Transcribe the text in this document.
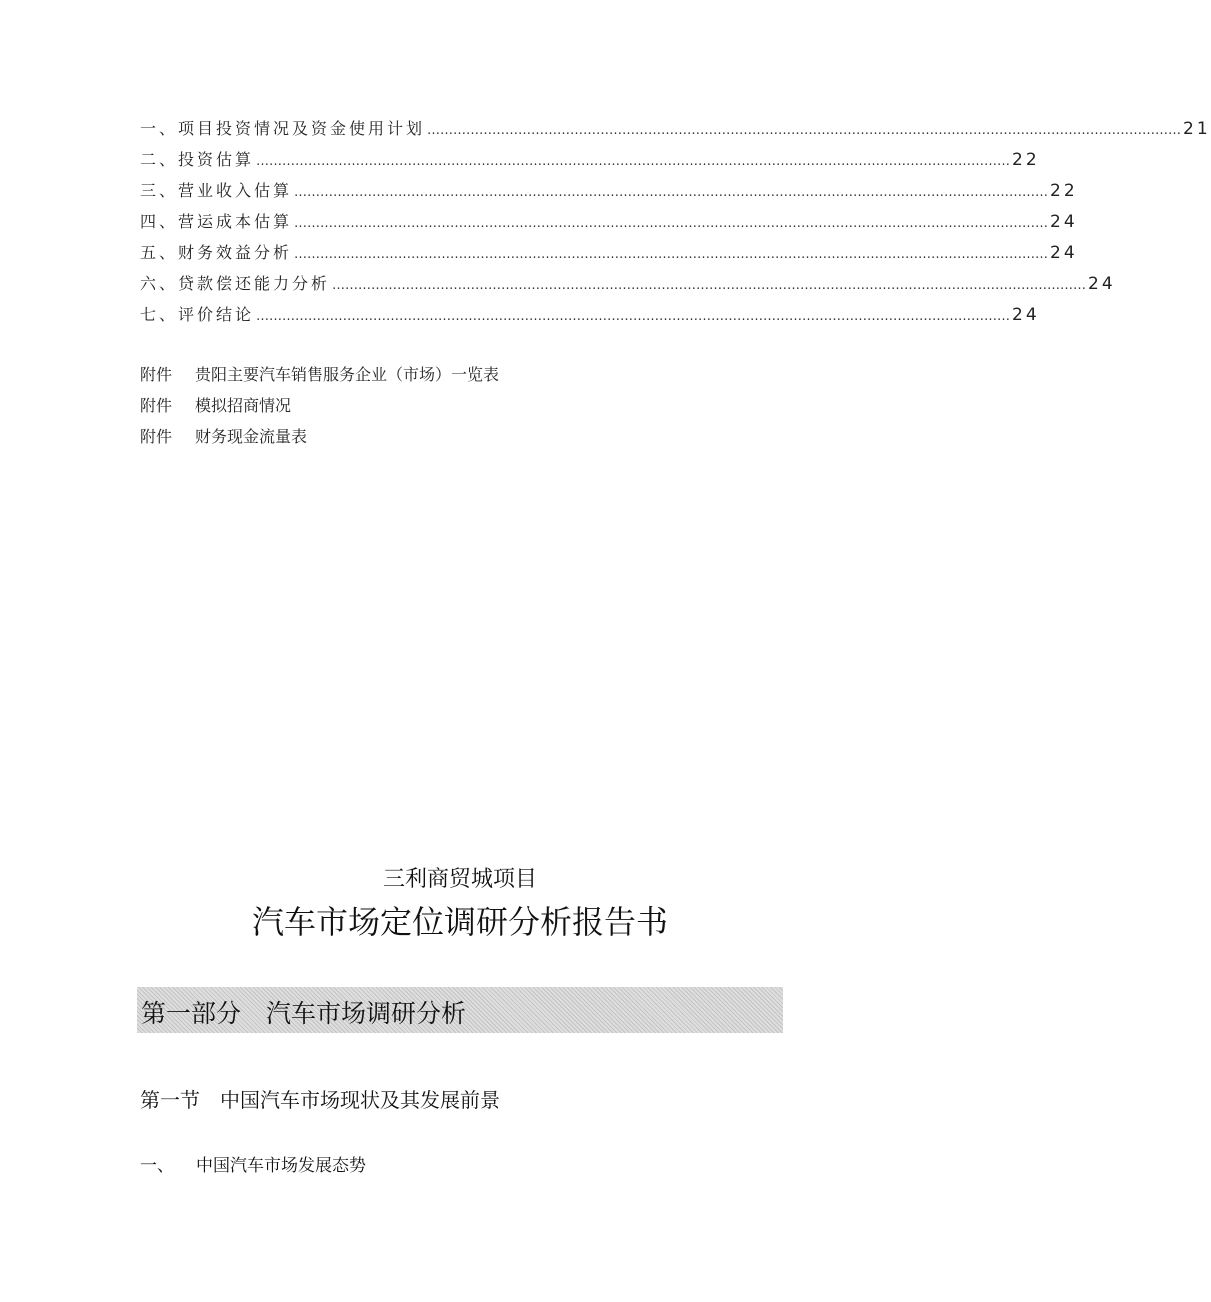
一、 项目投资情况及资金使用计划 …………………………………………………………………………………………………………………………………………………………	21
二、 投资估算 …………………………………………………………………………………………………………………………………………………………	22
三、 营业收入估算 …………………………………………………………………………………………………………………………………………………………	22
四、 营运成本估算 …………………………………………………………………………………………………………………………………………………………	24
五、 财务效益分析 …………………………………………………………………………………………………………………………………………………………	24
六、 贷款偿还能力分析 …………………………………………………………………………………………………………………………………………………………	24
七、 评价结论 …………………………………………………………………………………………………………………………………………………………	24
附件 贵阳主要汽车销售服务企业（市场）一览表
附件 模拟招商情况
附件 财务现金流量表
三利商贸城项目
汽车市场定位调研分析报告书
第一部分　汽车市场调研分析
第一节　中国汽车市场现状及其发展前景
一、 中国汽车市场发展态势
